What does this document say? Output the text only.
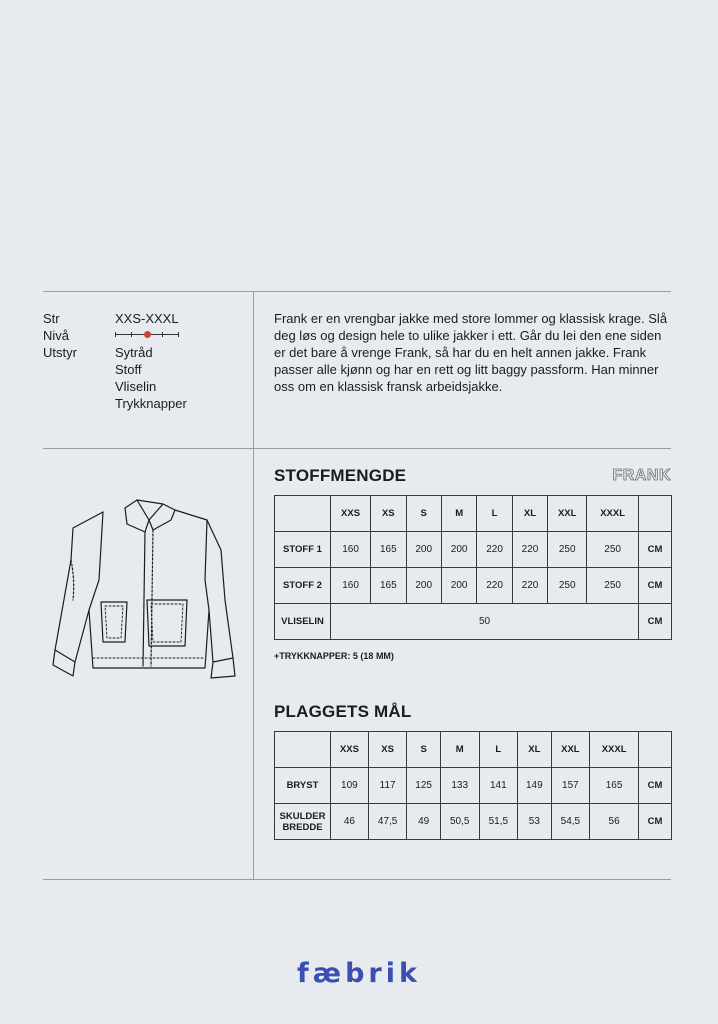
Str	XXS-XXXL
Nivå
Utstyr	Sytråd
Stoff
Vliselin
Trykknapper
Frank er en vrengbar jakke med store lommer og klassisk krage. Slå deg løs og design hele to ulike jakker i ett. Går du lei den ene siden er det bare å vrenge Frank, så har du en helt annen jakke. Frank passer alle kjønn og har en rett og litt baggy passform. Han minner oss om en klassisk fransk arbeidsjakke.
STOFFMENGDE	FRANK
	XXS	XS	S	M	L	XL	XXL	XXXL	
STOFF 1	160	165	200	200	220	220	250	250	CM
STOFF 2	160	165	200	200	220	220	250	250	CM
VLISELIN	50								CM
+TRYKKNAPPER: 5 (18 MM)
PLAGGETS MÅL
	XXS	XS	S	M	L	XL	XXL	XXXL	
BRYST	109	117	125	133	141	149	157	165	CM
SKULDER BREDDE	46	47,5	49	50,5	51,5	53	54,5	56	CM
fæbrik
